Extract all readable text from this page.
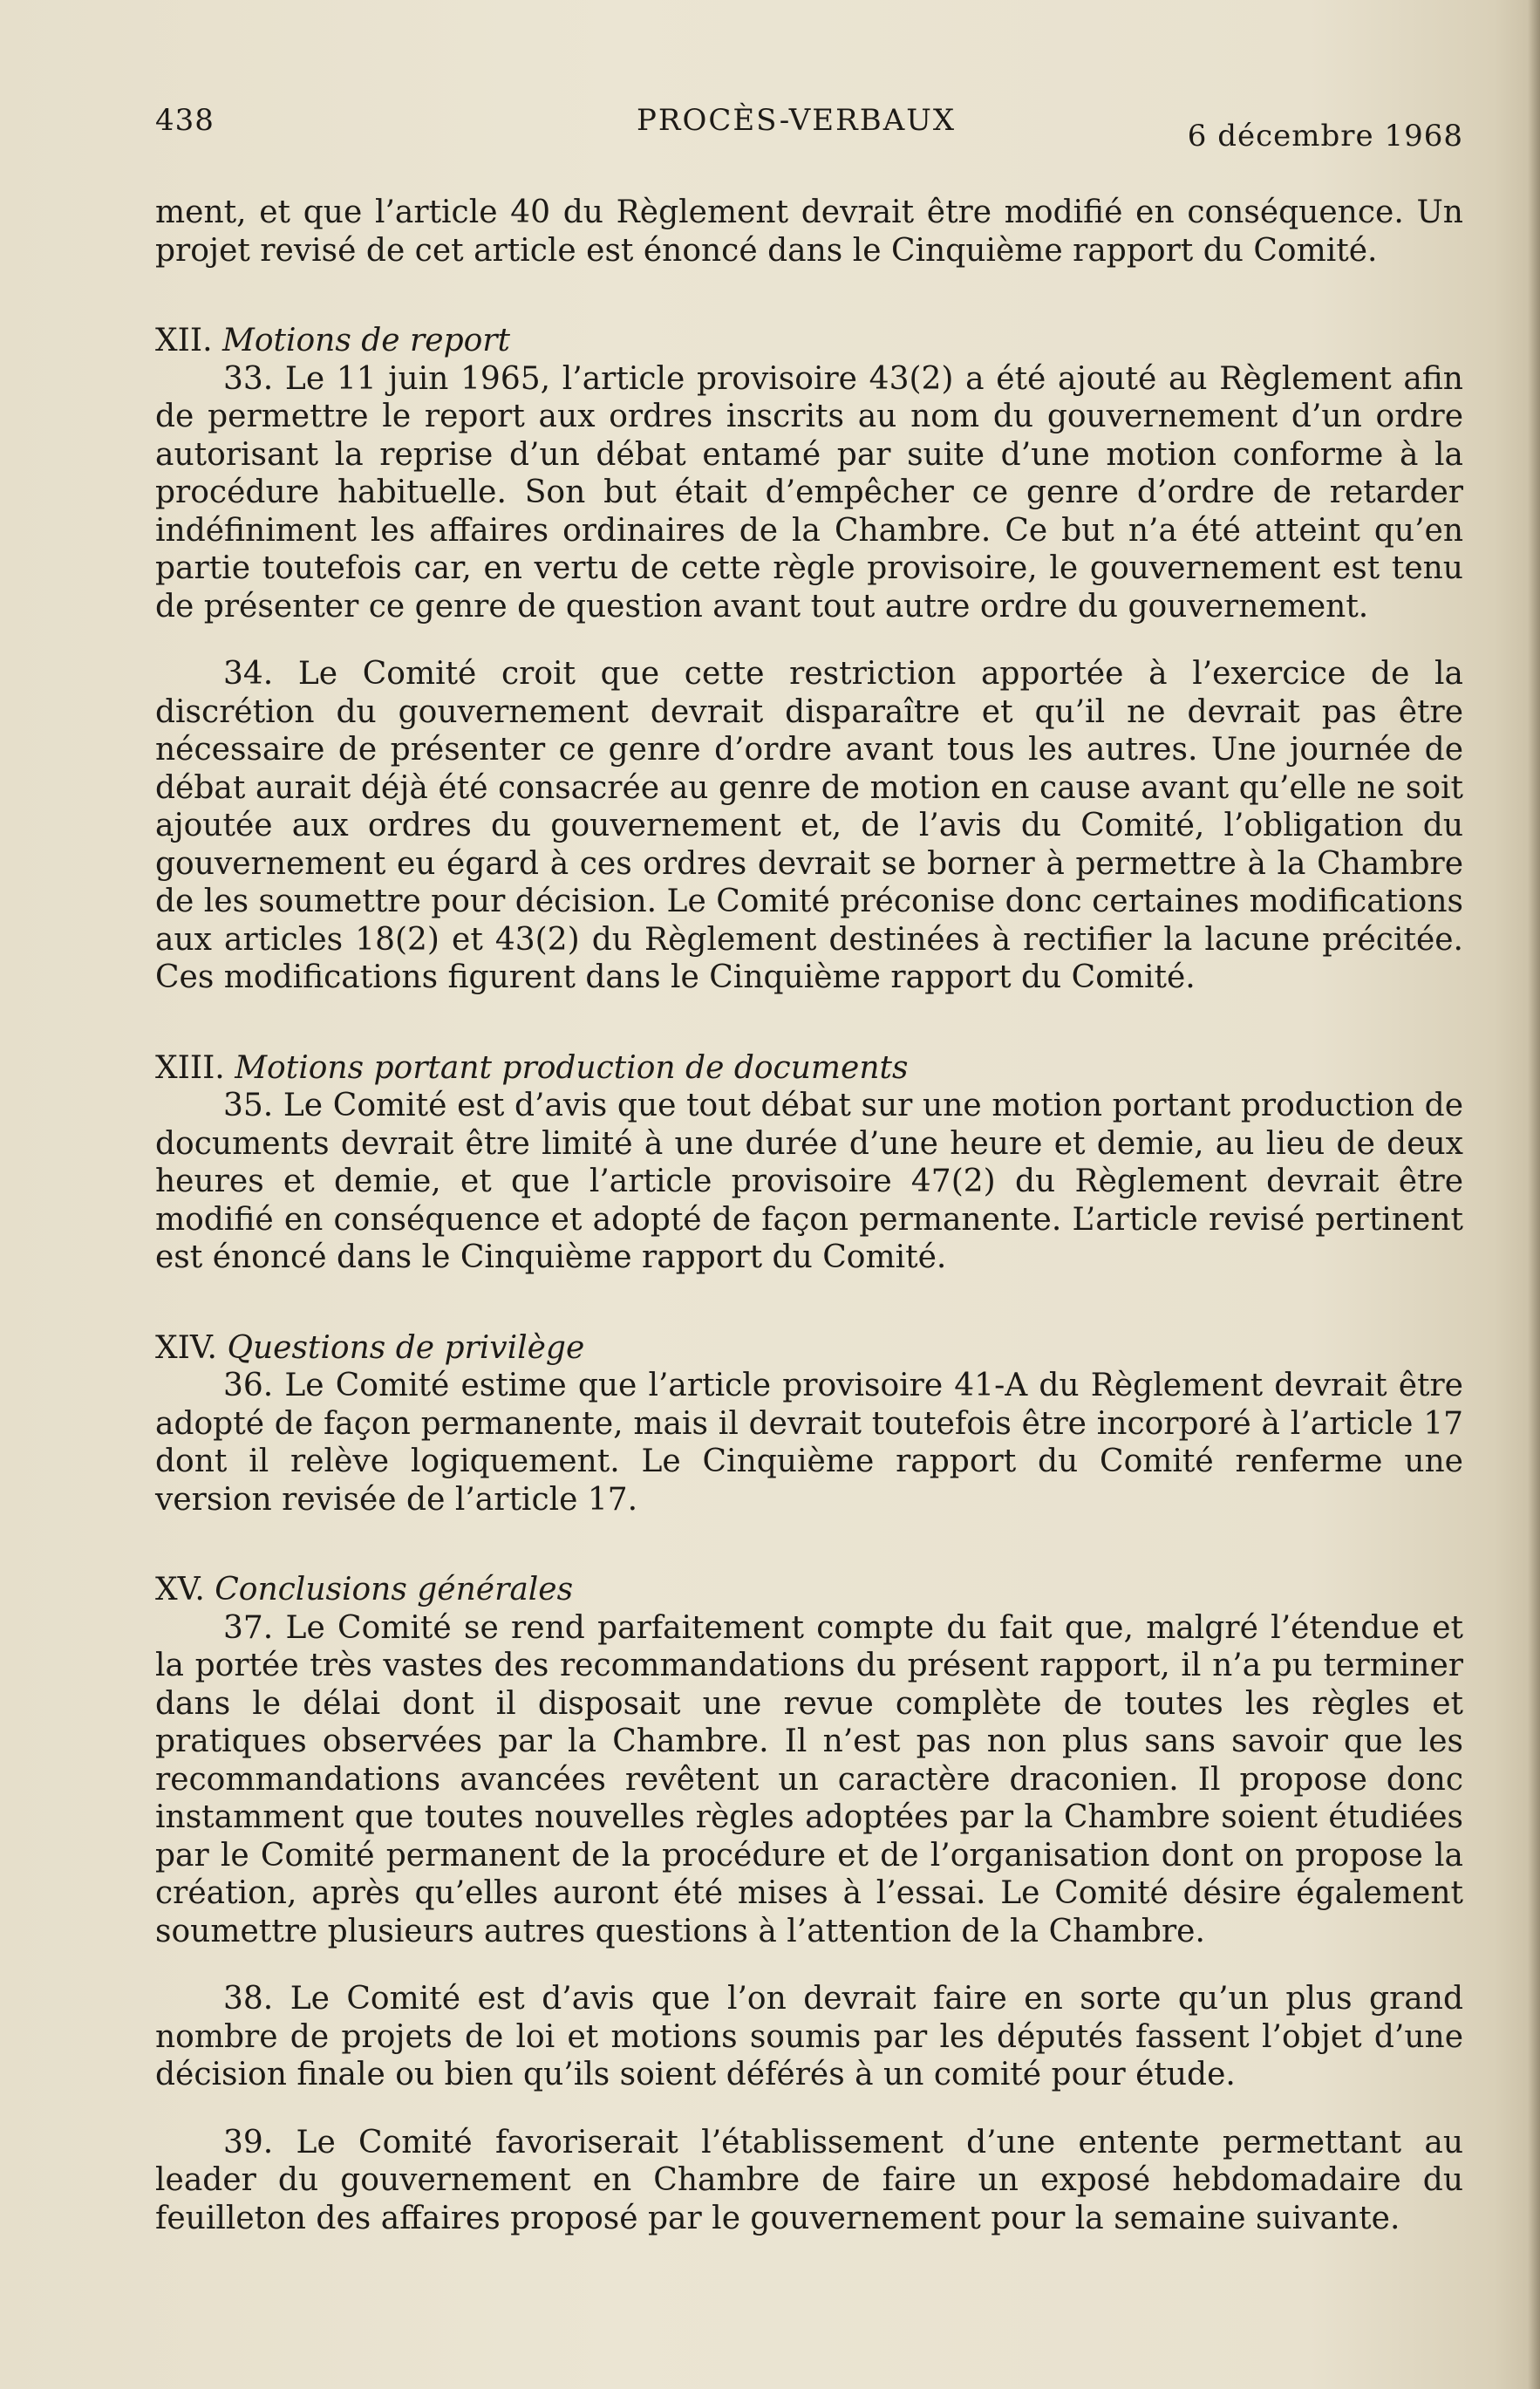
438	PROCÈS-VERBAUX	6 décembre 1968

ment, et que l’article 40 du Règlement devrait être modifié en conséquence. Un projet revisé de cet article est énoncé dans le Cinquième rapport du Comité.

XII. Motions de report

33. Le 11 juin 1965, l’article provisoire 43(2) a été ajouté au Règlement afin de permettre le report aux ordres inscrits au nom du gouvernement d’un ordre autorisant la reprise d’un débat entamé par suite d’une motion conforme à la procédure habituelle. Son but était d’empêcher ce genre d’ordre de retarder indéfiniment les affaires ordinaires de la Chambre. Ce but n’a été atteint qu’en partie toutefois car, en vertu de cette règle provisoire, le gouvernement est tenu de présenter ce genre de question avant tout autre ordre du gouvernement.

34. Le Comité croit que cette restriction apportée à l’exercice de la discrétion du gouvernement devrait disparaître et qu’il ne devrait pas être nécessaire de présenter ce genre d’ordre avant tous les autres. Une journée de débat aurait déjà été consacrée au genre de motion en cause avant qu’elle ne soit ajoutée aux ordres du gouvernement et, de l’avis du Comité, l’obligation du gouvernement eu égard à ces ordres devrait se borner à permettre à la Chambre de les soumettre pour décision. Le Comité préconise donc certaines modifications aux articles 18(2) et 43(2) du Règlement destinées à rectifier la lacune précitée. Ces modifications figurent dans le Cinquième rapport du Comité.

XIII. Motions portant production de documents

35. Le Comité est d’avis que tout débat sur une motion portant production de documents devrait être limité à une durée d’une heure et demie, au lieu de deux heures et demie, et que l’article provisoire 47(2) du Règlement devrait être modifié en conséquence et adopté de façon permanente. L’article revisé pertinent est énoncé dans le Cinquième rapport du Comité.

XIV. Questions de privilège

36. Le Comité estime que l’article provisoire 41-A du Règlement devrait être adopté de façon permanente, mais il devrait toutefois être incorporé à l’article 17 dont il relève logiquement. Le Cinquième rapport du Comité renferme une version revisée de l’article 17.

XV. Conclusions générales

37. Le Comité se rend parfaitement compte du fait que, malgré l’étendue et la portée très vastes des recommandations du présent rapport, il n’a pu terminer dans le délai dont il disposait une revue complète de toutes les règles et pratiques observées par la Chambre. Il n’est pas non plus sans savoir que les recommandations avancées revêtent un caractère draconien. Il propose donc instamment que toutes nouvelles règles adoptées par la Chambre soient étudiées par le Comité permanent de la procédure et de l’organisation dont on propose la création, après qu’elles auront été mises à l’essai. Le Comité désire également soumettre plusieurs autres questions à l’attention de la Chambre.

38. Le Comité est d’avis que l’on devrait faire en sorte qu’un plus grand nombre de projets de loi et motions soumis par les députés fassent l’objet d’une décision finale ou bien qu’ils soient déférés à un comité pour étude.

39. Le Comité favoriserait l’établissement d’une entente permettant au leader du gouvernement en Chambre de faire un exposé hebdomadaire du feuilleton des affaires proposé par le gouvernement pour la semaine suivante.
